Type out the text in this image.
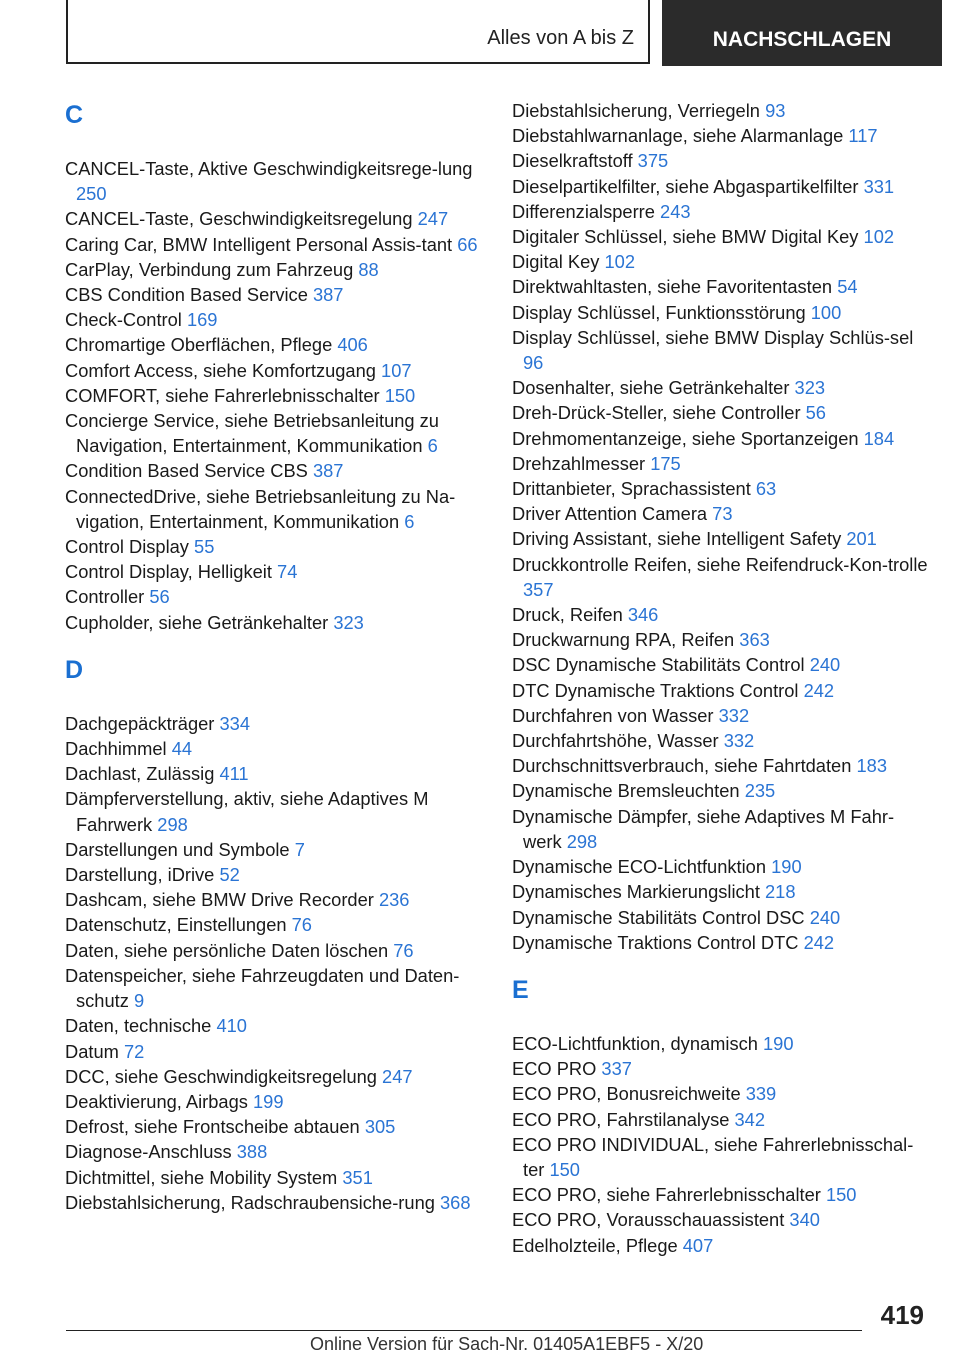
Alles von A bis Z	NACHSCHLAGEN
C
CANCEL-Taste, Aktive Geschwindigkeitsrege-lung 250
CANCEL-Taste, Geschwindigkeitsregelung 247
Caring Car, BMW Intelligent Personal Assis-tant 66
CarPlay, Verbindung zum Fahrzeug 88
CBS Condition Based Service 387
Check-Control 169
Chromartige Oberflächen, Pflege 406
Comfort Access, siehe Komfortzugang 107
COMFORT, siehe Fahrerlebnisschalter 150
Concierge Service, siehe Betriebsanleitung zu Navigation, Entertainment, Kommunikation 6
Condition Based Service CBS 387
ConnectedDrive, siehe Betriebsanleitung zu Na-vigation, Entertainment, Kommunikation 6
Control Display 55
Control Display, Helligkeit 74
Controller 56
Cupholder, siehe Getränkehalter 323
D
Dachgepäckträger 334
Dachhimmel 44
Dachlast, Zulässig 411
Dämpferverstellung, aktiv, siehe Adaptives M Fahrwerk 298
Darstellungen und Symbole 7
Darstellung, iDrive 52
Dashcam, siehe BMW Drive Recorder 236
Datenschutz, Einstellungen 76
Daten, siehe persönliche Daten löschen 76
Datenspeicher, siehe Fahrzeugdaten und Daten-schutz 9
Daten, technische 410
Datum 72
DCC, siehe Geschwindigkeitsregelung 247
Deaktivierung, Airbags 199
Defrost, siehe Frontscheibe abtauen 305
Diagnose-Anschluss 388
Dichtmittel, siehe Mobility System 351
Diebstahlsicherung, Radschraubensiche-rung 368
Diebstahlsicherung, Verriegeln 93
Diebstahlwarnanlage, siehe Alarmanlage 117
Dieselkraftstoff 375
Dieselpartikelfilter, siehe Abgaspartikelfilter 331
Differenzialsperre 243
Digitaler Schlüssel, siehe BMW Digital Key 102
Digital Key 102
Direktwahltasten, siehe Favoritentasten 54
Display Schlüssel, Funktionsstörung 100
Display Schlüssel, siehe BMW Display Schlüs-sel 96
Dosenhalter, siehe Getränkehalter 323
Dreh-Drück-Steller, siehe Controller 56
Drehmomentanzeige, siehe Sportanzeigen 184
Drehzahlmesser 175
Drittanbieter, Sprachassistent 63
Driver Attention Camera 73
Driving Assistant, siehe Intelligent Safety 201
Druckkontrolle Reifen, siehe Reifendruck-Kon-trolle 357
Druck, Reifen 346
Druckwarnung RPA, Reifen 363
DSC Dynamische Stabilitäts Control 240
DTC Dynamische Traktions Control 242
Durchfahren von Wasser 332
Durchfahrtshöhe, Wasser 332
Durchschnittsverbrauch, siehe Fahrtdaten 183
Dynamische Bremsleuchten 235
Dynamische Dämpfer, siehe Adaptives M Fahr-werk 298
Dynamische ECO-Lichtfunktion 190
Dynamisches Markierungslicht 218
Dynamische Stabilitäts Control DSC 240
Dynamische Traktions Control DTC 242
E
ECO-Lichtfunktion, dynamisch 190
ECO PRO 337
ECO PRO, Bonusreichweite 339
ECO PRO, Fahrstilanalyse 342
ECO PRO INDIVIDUAL, siehe Fahrerlebnisschal-ter 150
ECO PRO, siehe Fahrerlebnisschalter 150
ECO PRO, Vorausschauassistent 340
Edelholzteile, Pflege 407
419
Online Version für Sach-Nr. 01405A1EBF5 - X/20
